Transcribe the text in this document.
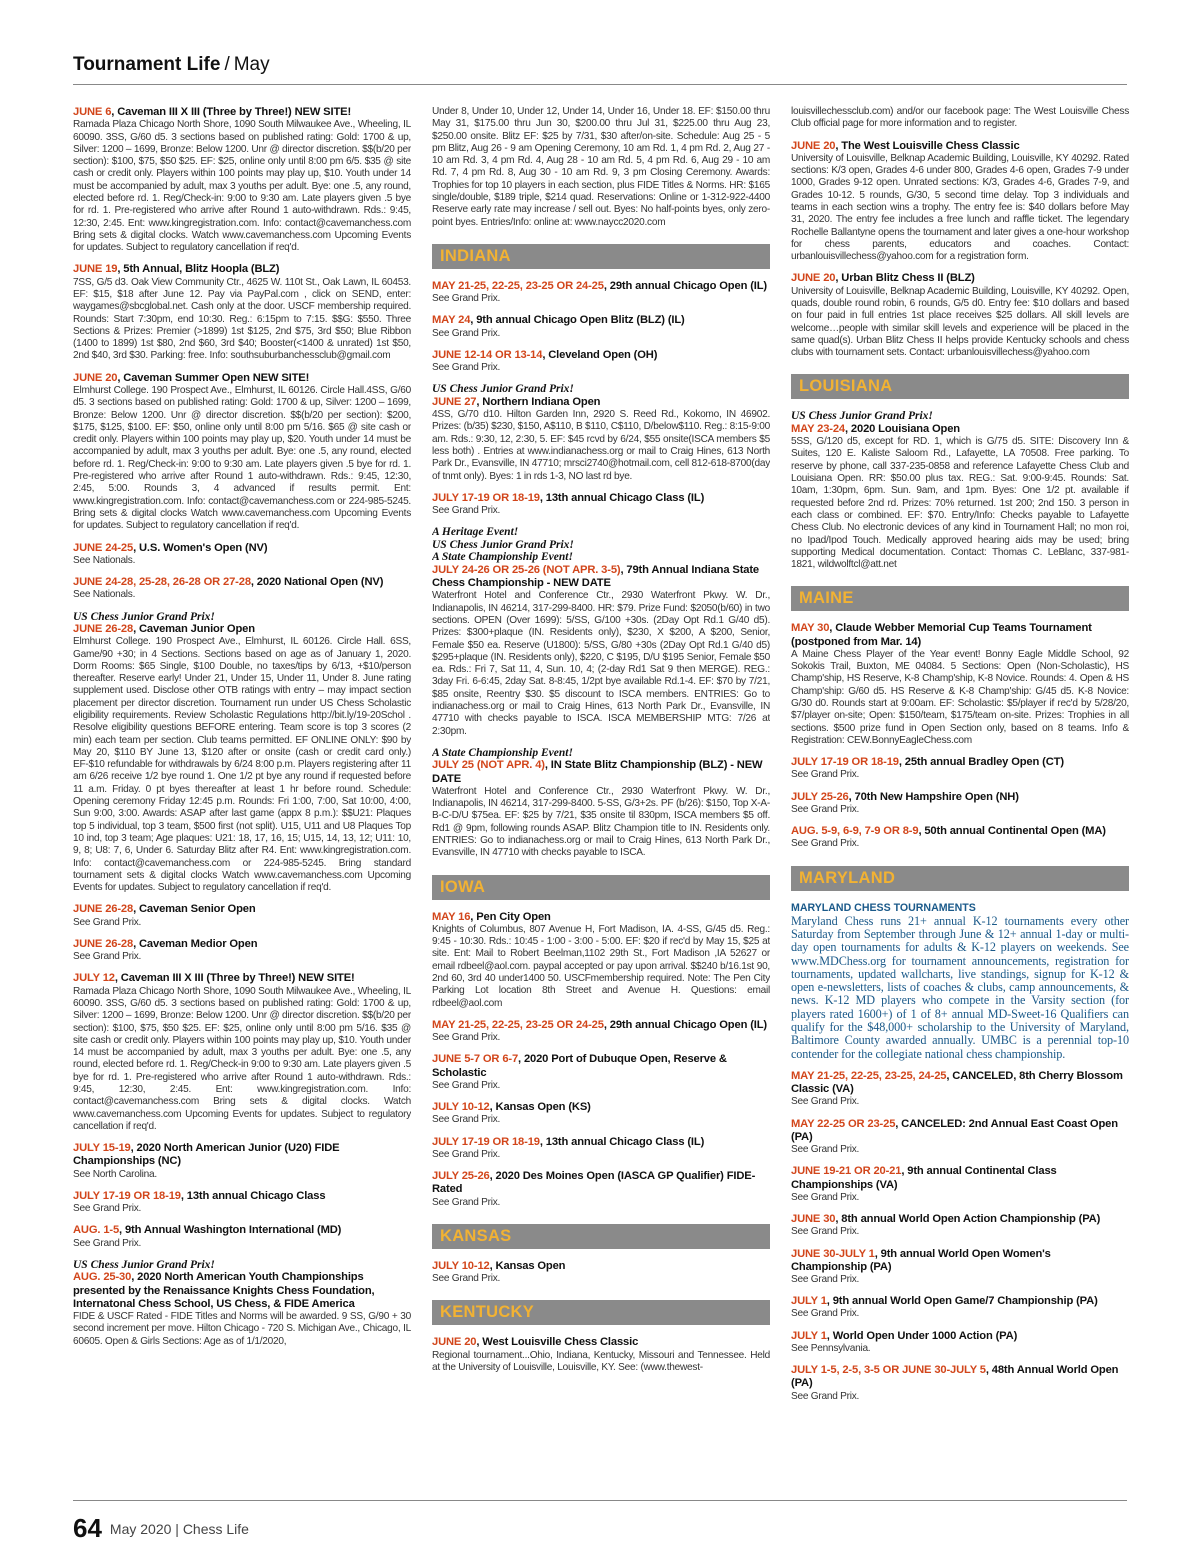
Tournament Life / May
JUNE 6, Caveman III X III (Three by Three!) NEW SITE!
Ramada Plaza Chicago North Shore, 1090 South Milwaukee Ave., Wheeling, IL 60090. 3SS, G/60 d5. 3 sections based on published rating: Gold: 1700 & up, Silver: 1200 – 1699, Bronze: Below 1200. Unr @ director discretion. $$(b/20 per section): $100, $75, $50 $25. EF: $25, online only until 8:00 pm 6/5. $35 @ site cash or credit only. Players within 100 points may play up, $10. Youth under 14 must be accompanied by adult, max 3 youths per adult. Bye: one .5, any round, elected before rd. 1. Reg/Check-in: 9:00 to 9:30 am. Late players given .5 bye for rd. 1. Pre-registered who arrive after Round 1 auto-withdrawn. Rds.: 9:45, 12:30, 2:45. Ent: www.kingregistration.com. Info: contact@cavemanchess.com Bring sets & digital clocks. Watch www.cavemanchess.com Upcoming Events for updates. Subject to regulatory cancellation if req'd.
JUNE 19, 5th Annual, Blitz Hoopla (BLZ)
7SS, G/5 d3. Oak View Community Ctr., 4625 W. 110t St., Oak Lawn, IL 60453. EF: $15, $18 after June 12. Pay via PayPal.com , click on SEND, enter: waygames@sbcglobal.net. Cash only at the door. USCF membership required. Rounds: Start 7:30pm, end 10:30. Reg.: 6:15pm to 7:15. $$G: $550. Three Sections & Prizes: Premier (>1899) 1st $125, 2nd $75, 3rd $50; Blue Ribbon (1400 to 1899) 1st $80, 2nd $60, 3rd $40; Booster(<1400 & unrated) 1st $50, 2nd $40, 3rd $30. Parking: free. Info: southsuburbanchessclub@gmail.com
JUNE 20, Caveman Summer Open NEW SITE!
Elmhurst College. 190 Prospect Ave., Elmhurst, IL 60126. Circle Hall.4SS, G/60 d5. 3 sections based on published rating: Gold: 1700 & up, Silver: 1200 – 1699, Bronze: Below 1200. Unr @ director discretion. $$(b/20 per section): $200, $175, $125, $100. EF: $50, online only until 8:00 pm 5/16. $65 @ site cash or credit only. Players within 100 points may play up, $20. Youth under 14 must be accompanied by adult, max 3 youths per adult. Bye: one .5, any round, elected before rd. 1. Reg/Check-in: 9:00 to 9:30 am. Late players given .5 bye for rd. 1. Pre-registered who arrive after Round 1 auto-withdrawn. Rds.: 9:45, 12:30, 2:45, 5:00. Rounds 3, 4 advanced if results permit. Ent: www.kingregistration.com. Info: contact@cavemanchess.com or 224-985-5245. Bring sets & digital clocks Watch www.cavemanchess.com Upcoming Events for updates. Subject to regulatory cancellation if req'd.
JUNE 24-25, U.S. Women's Open (NV)
See Nationals.
JUNE 24-28, 25-28, 26-28 OR 27-28, 2020 National Open (NV)
See Nationals.
US Chess Junior Grand Prix!
JUNE 26-28, Caveman Junior Open
Elmhurst College. 190 Prospect Ave., Elmhurst, IL 60126. Circle Hall. 6SS, Game/90 +30; in 4 Sections. Sections based on age as of January 1, 2020. Dorm Rooms: $65 Single, $100 Double, no taxes/tips by 6/13, +$10/person thereafter. Reserve early! Under 21, Under 15, Under 11, Under 8. June rating supplement used. Disclose other OTB ratings with entry – may impact section placement per director discretion. Tournament run under US Chess Scholastic eligibility requirements. Review Scholastic Regulations http://bit.ly/19-20Schol . Resolve eligibility questions BEFORE entering. Team score is top 3 scores (2 min) each team per section. Club teams permitted. EF ONLINE ONLY: $90 by May 20, $110 BY June 13, $120 after or onsite (cash or credit card only.) EF-$10 refundable for withdrawals by 6/24 8:00 p.m. Players registering after 11 am 6/26 receive 1/2 bye round 1. One 1/2 pt bye any round if requested before 11 a.m. Friday. 0 pt byes thereafter at least 1 hr before round. Schedule: Opening ceremony Friday 12:45 p.m. Rounds: Fri 1:00, 7:00, Sat 10:00, 4:00, Sun 9:00, 3:00. Awards: ASAP after last game (appx 8 p.m.): $$U21: Plaques top 5 individual, top 3 team, $500 first (not split). U15, U11 and U8 Plaques Top 10 ind, top 3 team; Age plaques: U21: 18, 17, 16, 15; U15, 14, 13, 12; U11: 10, 9, 8; U8: 7, 6, Under 6. Saturday Blitz after R4. Ent: www.kingregistration.com. Info: contact@cavemanchess.com or 224-985-5245. Bring standard tournament sets & digital clocks Watch www.cavemanchess.com Upcoming Events for updates. Subject to regulatory cancellation if req'd.
JUNE 26-28, Caveman Senior Open
See Grand Prix.
JUNE 26-28, Caveman Medior Open
See Grand Prix.
JULY 12, Caveman III X III (Three by Three!) NEW SITE!
Ramada Plaza Chicago North Shore, 1090 South Milwaukee Ave., Wheeling, IL 60090. 3SS, G/60 d5. 3 sections based on published rating: Gold: 1700 & up, Silver: 1200 – 1699, Bronze: Below 1200. Unr @ director discretion. $$(b/20 per section): $100, $75, $50 $25. EF: $25, online only until 8:00 pm 5/16. $35 @ site cash or credit only. Players within 100 points may play up, $10. Youth under 14 must be accompanied by adult, max 3 youths per adult. Bye: one .5, any round, elected before rd. 1. Reg/Check-in 9:00 to 9:30 am. Late players given .5 bye for rd. 1. Pre-registered who arrive after Round 1 auto-withdrawn. Rds.: 9:45, 12:30, 2:45. Ent: www.kingregistration.com. Info: contact@cavemanchess.com Bring sets & digital clocks. Watch www.cavemanchess.com Upcoming Events for updates. Subject to regulatory cancellation if req'd.
JULY 15-19, 2020 North American Junior (U20) FIDE Championships (NC)
See North Carolina.
JULY 17-19 OR 18-19, 13th annual Chicago Class
See Grand Prix.
AUG. 1-5, 9th Annual Washington International (MD)
See Grand Prix.
US Chess Junior Grand Prix!
AUG. 25-30, 2020 North American Youth Championships presented by the Renaissance Knights Chess Foundation, Internatonal Chess School, US Chess, & FIDE America
FIDE & USCF Rated - FIDE Titles and Norms will be awarded. 9 SS, G/90 + 30 second increment per move. Hilton Chicago - 720 S. Michigan Ave., Chicago, IL 60605. Open & Girls Sections: Age as of 1/1/2020,
Under 8, Under 10, Under 12, Under 14, Under 16, Under 18. EF: $150.00 thru May 31, $175.00 thru Jun 30, $200.00 thru Jul 31, $225.00 thru Aug 23, $250.00 onsite. Blitz EF: $25 by 7/31, $30 after/on-site. Schedule: Aug 25 - 5 pm Blitz, Aug 26 - 9 am Opening Ceremony, 10 am Rd. 1, 4 pm Rd. 2, Aug 27 - 10 am Rd. 3, 4 pm Rd. 4, Aug 28 - 10 am Rd. 5, 4 pm Rd. 6, Aug 29 - 10 am Rd. 7, 4 pm Rd. 8, Aug 30 - 10 am Rd. 9, 3 pm Closing Ceremony. Awards: Trophies for top 10 players in each section, plus FIDE Titles & Norms. HR: $165 single/double, $189 triple, $214 quad. Reservations: Online or 1-312-922-4400 Reserve early rate may increase / sell out. Byes: No half-points byes, only zero-point byes. Entries/Info: online at: www.naycc2020.com
INDIANA
MAY 21-25, 22-25, 23-25 OR 24-25, 29th annual Chicago Open (IL)
See Grand Prix.
MAY 24, 9th annual Chicago Open Blitz (BLZ) (IL)
See Grand Prix.
JUNE 12-14 OR 13-14, Cleveland Open (OH)
See Grand Prix.
US Chess Junior Grand Prix!
JUNE 27, Northern Indiana Open
4SS, G/70 d10. Hilton Garden Inn, 2920 S. Reed Rd., Kokomo, IN 46902. Prizes: (b/35) $230, $150, A$110, B $110, C$110, D/below$110. Reg.: 8:15-9:00 am. Rds.: 9:30, 12, 2:30, 5. EF: $45 rcvd by 6/24, $55 onsite(ISCA members $5 less both) . Entries at www.indianachess.org or mail to Craig Hines, 613 North Park Dr., Evansville, IN 47710; mrsci2740@hotmail.com, cell 812-618-8700(day of tnmt only). Byes: 1 in rds 1-3, NO last rd bye.
JULY 17-19 OR 18-19, 13th annual Chicago Class (IL)
See Grand Prix.
A Heritage Event!
US Chess Junior Grand Prix!
A State Championship Event!
JULY 24-26 OR 25-26 (NOT APR. 3-5), 79th Annual Indiana State Chess Championship - NEW DATE
Waterfront Hotel and Conference Ctr., 2930 Waterfront Pkwy. W. Dr., Indianapolis, IN 46214, 317-299-8400. HR: $79. Prize Fund: $2050(b/60) in two sections. OPEN (Over 1699): 5/SS, G/100 +30s. (2Day Opt Rd.1 G/40 d5). Prizes: $300+plaque (IN. Residents only), $230, X $200, A $200, Senior, Female $50 ea. Reserve (U1800): 5/SS, G/80 +30s (2Day Opt Rd.1 G/40 d5) $295+plaque (IN. Residents only), $220, C $195, D/U $195 Senior, Female $50 ea. Rds.: Fri 7, Sat 11, 4, Sun. 10, 4; (2-day Rd1 Sat 9 then MERGE). REG.: 3day Fri. 6-6:45, 2day Sat. 8-8:45, 1/2pt bye available Rd.1-4. EF: $70 by 7/21, $85 onsite, Reentry $30. $5 discount to ISCA members. ENTRIES: Go to indianachess.org or mail to Craig Hines, 613 North Park Dr., Evansville, IN 47710 with checks payable to ISCA. ISCA MEMBERSHIP MTG: 7/26 at 2:30pm.
A State Championship Event!
JULY 25 (NOT APR. 4), IN State Blitz Championship (BLZ) - NEW DATE
Waterfront Hotel and Conference Ctr., 2930 Waterfront Pkwy. W. Dr., Indianapolis, IN 46214, 317-299-8400. 5-SS, G/3+2s. PF (b/26): $150, Top X-A-B-C-D/U $75ea. EF: $25 by 7/21, $35 onsite til 830pm, ISCA members $5 off. Rd1 @ 9pm, following rounds ASAP. Blitz Champion title to IN. Residents only. ENTRIES: Go to indianachess.org or mail to Craig Hines, 613 North Park Dr., Evansville, IN 47710 with checks payable to ISCA.
IOWA
MAY 16, Pen City Open
Knights of Columbus, 807 Avenue H, Fort Madison, IA. 4-SS, G/45 d5. Reg.: 9:45 - 10:30. Rds.: 10:45 - 1:00 - 3:00 - 5:00. EF: $20 if rec'd by May 15, $25 at site. Ent: Mail to Robert Beelman,1102 29th St., Fort Madison ,IA 52627 or email rdbeel@aol.com. paypal accepted or pay upon arrival. $$240 b/16.1st 90, 2nd 60, 3rd 40 under1400 50. USCFmembership required. Note: The Pen City Parking Lot location 8th Street and Avenue H. Questions: email rdbeel@aol.com
MAY 21-25, 22-25, 23-25 OR 24-25, 29th annual Chicago Open (IL)
See Grand Prix.
JUNE 5-7 OR 6-7, 2020 Port of Dubuque Open, Reserve & Scholastic
See Grand Prix.
JULY 10-12, Kansas Open (KS)
See Grand Prix.
JULY 17-19 OR 18-19, 13th annual Chicago Class (IL)
See Grand Prix.
JULY 25-26, 2020 Des Moines Open (IASCA GP Qualifier) FIDE-Rated
See Grand Prix.
KANSAS
JULY 10-12, Kansas Open
See Grand Prix.
KENTUCKY
JUNE 20, West Louisville Chess Classic
Regional tournament...Ohio, Indiana, Kentucky, Missouri and Tennessee. Held at the University of Louisville, Louisville, KY. See: (www.thewest-
louisvillechessclub.com) and/or our facebook page: The West Louisville Chess Club official page for more information and to register.
JUNE 20, The West Louisville Chess Classic
University of Louisville, Belknap Academic Building, Louisville, KY 40292. Rated sections: K/3 open, Grades 4-6 under 800, Grades 4-6 open, Grades 7-9 under 1000, Grades 9-12 open. Unrated sections: K/3, Grades 4-6, Grades 7-9, and Grades 10-12. 5 rounds, G/30, 5 second time delay. Top 3 individuals and teams in each section wins a trophy. The entry fee is: $40 dollars before May 31, 2020. The entry fee includes a free lunch and raffle ticket. The legendary Rochelle Ballantyne opens the tournament and later gives a one-hour workshop for chess parents, educators and coaches. Contact: urbanlouisvillechess@yahoo.com for a registration form.
JUNE 20, Urban Blitz Chess II (BLZ)
University of Louisville, Belknap Academic Building, Louisville, KY 40292. Open, quads, double round robin, 6 rounds, G/5 d0. Entry fee: $10 dollars and based on four paid in full entries 1st place receives $25 dollars. All skill levels are welcome…people with similar skill levels and experience will be placed in the same quad(s). Urban Blitz Chess II helps provide Kentucky schools and chess clubs with tournament sets. Contact: urbanlouisvillechess@yahoo.com
LOUISIANA
US Chess Junior Grand Prix!
MAY 23-24, 2020 Louisiana Open
5SS, G/120 d5, except for RD. 1, which is G/75 d5. SITE: Discovery Inn & Suites, 120 E. Kaliste Saloom Rd., Lafayette, LA 70508. Free parking. To reserve by phone, call 337-235-0858 and reference Lafayette Chess Club and Louisiana Open. RR: $50.00 plus tax. REG.: Sat. 9:00-9:45. Rounds: Sat. 10am, 1:30pm, 6pm. Sun. 9am, and 1pm. Byes: One 1/2 pt. available if requested before 2nd rd. Prizes: 70% returned. 1st 200; 2nd 150. 3 person in each class or combined. EF: $70. Entry/Info: Checks payable to Lafayette Chess Club. No electronic devices of any kind in Tournament Hall; no mon roi, no Ipad/Ipod Touch. Medically approved hearing aids may be used; bring supporting Medical documentation. Contact: Thomas C. LeBlanc, 337-981-1821, wildwolftcl@att.net
MAINE
MAY 30, Claude Webber Memorial Cup Teams Tournament (postponed from Mar. 14)
A Maine Chess Player of the Year event! Bonny Eagle Middle School, 92 Sokokis Trail, Buxton, ME 04084. 5 Sections: Open (Non-Scholastic), HS Champ'ship, HS Reserve, K-8 Champ'ship, K-8 Novice. Rounds: 4. Open & HS Champ'ship: G/60 d5. HS Reserve & K-8 Champ'ship: G/45 d5. K-8 Novice: G/30 d0. Rounds start at 9:00am. EF: Scholastic: $5/player if rec'd by 5/28/20, $7/player on-site; Open: $150/team, $175/team on-site. Prizes: Trophies in all sections. $500 prize fund in Open Section only, based on 8 teams. Info & Registration: CEW.BonnyEagleChess.com
JULY 17-19 OR 18-19, 25th annual Bradley Open (CT)
See Grand Prix.
JULY 25-26, 70th New Hampshire Open (NH)
See Grand Prix.
AUG. 5-9, 6-9, 7-9 OR 8-9, 50th annual Continental Open (MA)
See Grand Prix.
MARYLAND
MARYLAND CHESS TOURNAMENTS
Maryland Chess runs 21+ annual K-12 tournaments every other Saturday from September through June & 12+ annual 1-day or multi-day open tournaments for adults & K-12 players on weekends. See www.MDChess.org for tournament announcements, registration for tournaments, updated wallcharts, live standings, signup for K-12 & open e-newsletters, lists of coaches & clubs, camp announcements, & news. K-12 MD players who compete in the Varsity section (for players rated 1600+) of 1 of 8+ annual MD-Sweet-16 Qualifiers can qualify for the $48,000+ scholarship to the University of Maryland, Baltimore County awarded annually. UMBC is a perennial top-10 contender for the collegiate national chess championship.
MAY 21-25, 22-25, 23-25, 24-25, CANCELED, 8th Cherry Blossom Classic (VA)
See Grand Prix.
MAY 22-25 OR 23-25, CANCELED: 2nd Annual East Coast Open (PA)
See Grand Prix.
JUNE 19-21 OR 20-21, 9th annual Continental Class Championships (VA)
See Grand Prix.
JUNE 30, 8th annual World Open Action Championship (PA)
See Grand Prix.
JUNE 30-JULY 1, 9th annual World Open Women's Championship (PA)
See Grand Prix.
JULY 1, 9th annual World Open Game/7 Championship (PA)
See Grand Prix.
JULY 1, World Open Under 1000 Action (PA)
See Pennsylvania.
JULY 1-5, 2-5, 3-5 OR JUNE 30-JULY 5, 48th Annual World Open (PA)
See Grand Prix.
64 May 2020 | Chess Life
